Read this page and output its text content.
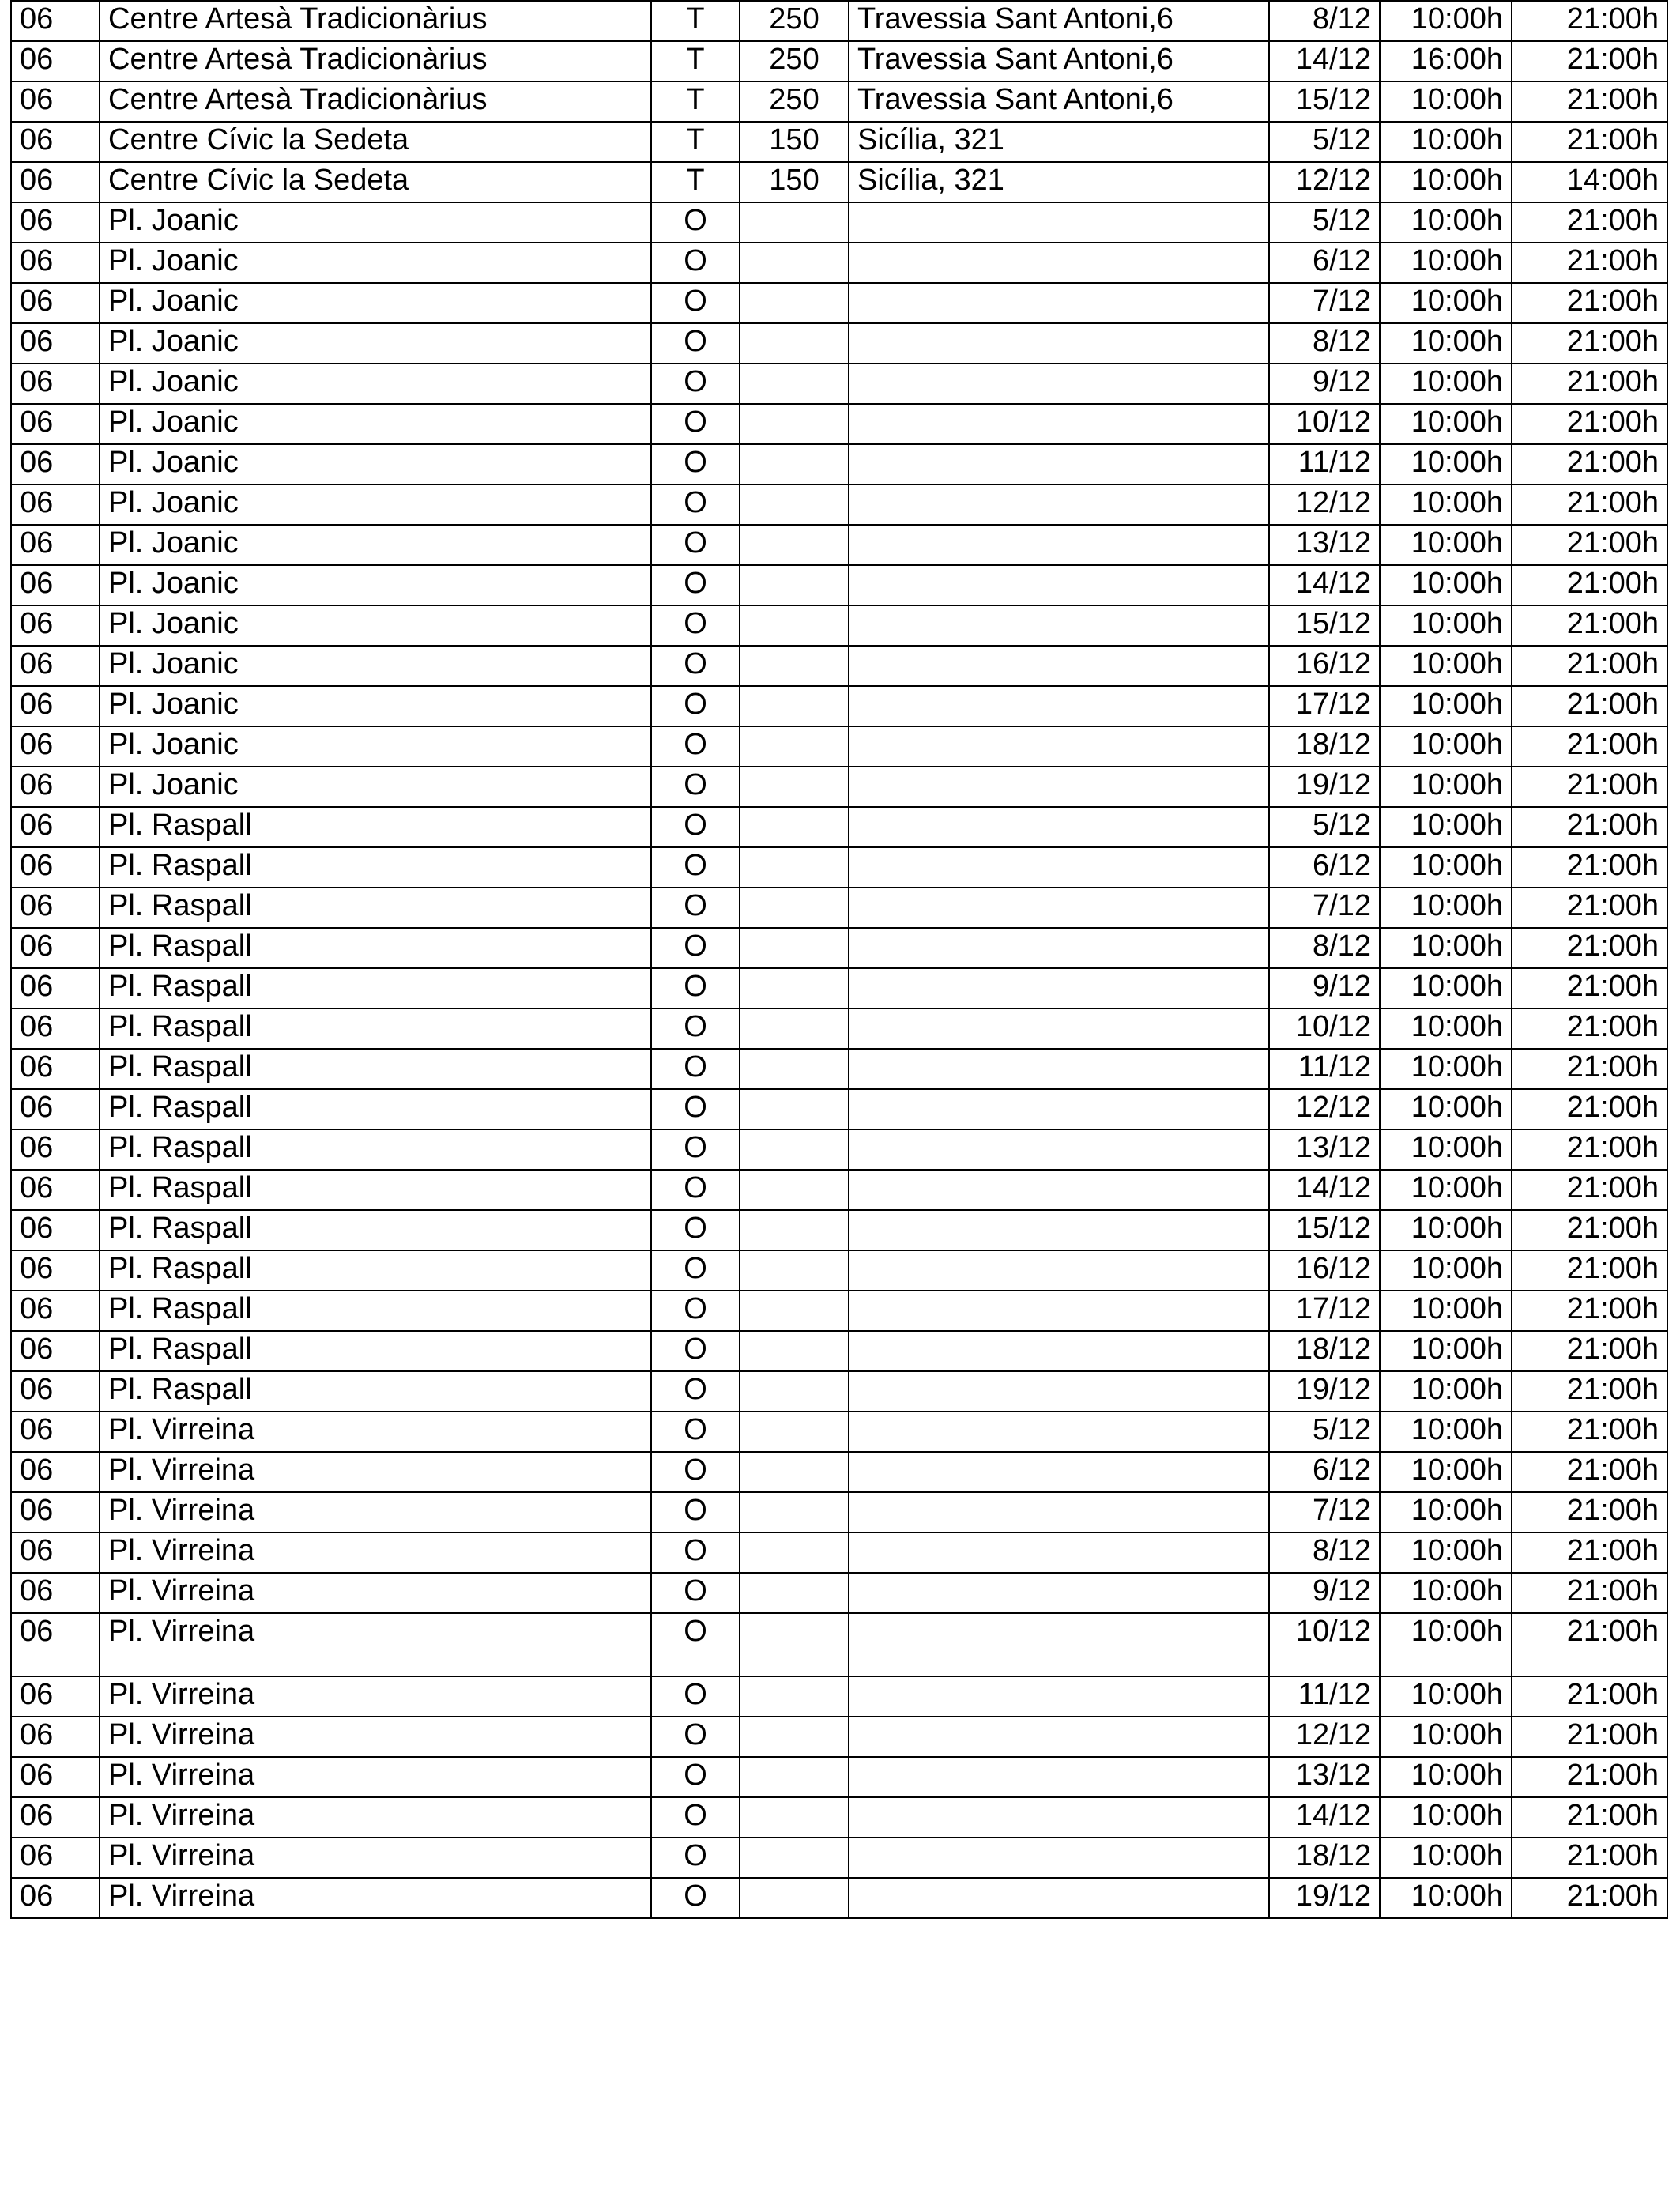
06	Centre Artesà Tradicionàrius	T	250	Travessia Sant Antoni,6	8/12	10:00h	21:00h
06	Centre Artesà Tradicionàrius	T	250	Travessia Sant Antoni,6	14/12	16:00h	21:00h
06	Centre Artesà Tradicionàrius	T	250	Travessia Sant Antoni,6	15/12	10:00h	21:00h
06	Centre Cívic la Sedeta	T	150	Sicília, 321	5/12	10:00h	21:00h
06	Centre Cívic la Sedeta	T	150	Sicília, 321	12/12	10:00h	14:00h
06	Pl. Joanic	O			5/12	10:00h	21:00h
06	Pl. Joanic	O			6/12	10:00h	21:00h
06	Pl. Joanic	O			7/12	10:00h	21:00h
06	Pl. Joanic	O			8/12	10:00h	21:00h
06	Pl. Joanic	O			9/12	10:00h	21:00h
06	Pl. Joanic	O			10/12	10:00h	21:00h
06	Pl. Joanic	O			11/12	10:00h	21:00h
06	Pl. Joanic	O			12/12	10:00h	21:00h
06	Pl. Joanic	O			13/12	10:00h	21:00h
06	Pl. Joanic	O			14/12	10:00h	21:00h
06	Pl. Joanic	O			15/12	10:00h	21:00h
06	Pl. Joanic	O			16/12	10:00h	21:00h
06	Pl. Joanic	O			17/12	10:00h	21:00h
06	Pl. Joanic	O			18/12	10:00h	21:00h
06	Pl. Joanic	O			19/12	10:00h	21:00h
06	Pl. Raspall	O			5/12	10:00h	21:00h
06	Pl. Raspall	O			6/12	10:00h	21:00h
06	Pl. Raspall	O			7/12	10:00h	21:00h
06	Pl. Raspall	O			8/12	10:00h	21:00h
06	Pl. Raspall	O			9/12	10:00h	21:00h
06	Pl. Raspall	O			10/12	10:00h	21:00h
06	Pl. Raspall	O			11/12	10:00h	21:00h
06	Pl. Raspall	O			12/12	10:00h	21:00h
06	Pl. Raspall	O			13/12	10:00h	21:00h
06	Pl. Raspall	O			14/12	10:00h	21:00h
06	Pl. Raspall	O			15/12	10:00h	21:00h
06	Pl. Raspall	O			16/12	10:00h	21:00h
06	Pl. Raspall	O			17/12	10:00h	21:00h
06	Pl. Raspall	O			18/12	10:00h	21:00h
06	Pl. Raspall	O			19/12	10:00h	21:00h
06	Pl. Virreina	O			5/12	10:00h	21:00h
06	Pl. Virreina	O			6/12	10:00h	21:00h
06	Pl. Virreina	O			7/12	10:00h	21:00h
06	Pl. Virreina	O			8/12	10:00h	21:00h
06	Pl. Virreina	O			9/12	10:00h	21:00h
06	Pl. Virreina	O			10/12	10:00h	21:00h
06	Pl. Virreina	O			11/12	10:00h	21:00h
06	Pl. Virreina	O			12/12	10:00h	21:00h
06	Pl. Virreina	O			13/12	10:00h	21:00h
06	Pl. Virreina	O			14/12	10:00h	21:00h
06	Pl. Virreina	O			18/12	10:00h	21:00h
06	Pl. Virreina	O			19/12	10:00h	21:00h
